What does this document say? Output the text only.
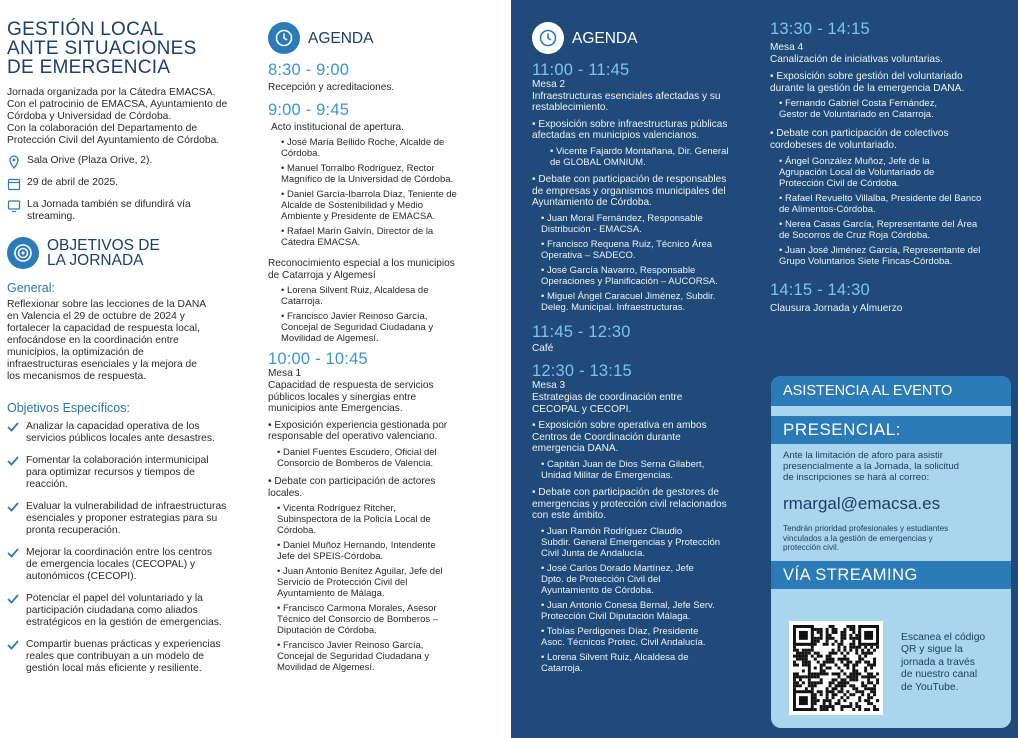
GESTIÓN LOCAL
ANTE SITUACIONES
DE EMERGENCIA
Jornada organizada por la Cátedra EMACSA.
Con el patrocinio de EMACSA, Ayuntamiento de
Córdoba y Universidad de Córdoba.
Con la colaboración del Departamento de
Protección Civil del Ayuntamiento de Córdoba.
Sala Orive (Plaza Orive, 2).
29 de abril de 2025.
La Jornada también se difundirá vía
streaming.
OBJETIVOS DE
LA JORNADA
General:
Reflexionar sobre las lecciones de la DANA
en Valencia el 29 de octubre de 2024 y
fortalecer la capacidad de respuesta local,
enfocándose en la coordinación entre
municipios, la optimización de
infraestructuras esenciales y la mejora de
los mecanismos de respuesta.
Objetivos Específicos:
Analizar la capacidad operativa de los
servicios públicos locales ante desastres.
Fomentar la colaboración intermunicipal
para optimizar recursos y tiempos de
reacción.
Evaluar la vulnerabilidad de infraestructuras
esenciales y proponer estrategias para su
pronta recuperación.
Mejorar la coordinación entre los centros
de emergencia locales (CECOPAL) y
autonómicos (CECOPI).
Potenciar el papel del voluntariado y la
participación ciudadana como aliados
estratégicos en la gestión de emergencias.
Compartir buenas prácticas y experiencias
reales que contribuyan a un modelo de
gestión local más eficiente y resiliente.
AGENDA
8:30 - 9:00
Recepción y acreditaciones.
9:00 - 9:45
Acto institucional de apertura.
• José María Bellido Roche, Alcalde de
Córdoba.
• Manuel Torralbo Rodríguez, Rector
Magnífico de la Universidad de Córdoba.
• Daniel García-Ibarrola Díaz, Teniente de
Alcalde de Sostenibilidad y Medio
Ambiente y Presidente de EMACSA.
• Rafael Marín Galvín, Director de la
Cátedra EMACSA.
Reconocimiento especial a los municipios
de Catarroja y Algemesí
• Lorena Silvent Ruiz, Alcaldesa de
Catarroja.
• Francisco Javier Reinoso García,
Concejal de Seguridad Ciudadana y
Movilidad de Algemesí.
10:00 - 10:45
Mesa 1
Capacidad de respuesta de servicios
públicos locales y sinergias entre
municipios ante Emergencias.
• Exposición experiencia gestionada por
responsable del operativo valenciano.
• Daniel Fuentes Escudero, Oficial del
Consorcio de Bomberos de Valencia.
• Debate con participación de actores
locales.
• Vicenta Rodríguez Ritcher,
Subinspectora de la Policía Local de
Córdoba.
• Daniel Muñoz Hernando, Intendente
Jefe del SPEIS-Córdoba.
• Juan Antonio Benítez Aguilar, Jefe del
Servicio de Protección Civil del
Ayuntamiento de Málaga.
• Francisco Carmona Morales, Asesor
Técnico del Consorcio de Bomberos –
Diputación de Córdoba.
• Francisco Javier Reinoso García,
Concejal de Seguridad Ciudadana y
Movilidad de Algemesí.
AGENDA
11:00 - 11:45
Mesa 2
Infraestructuras esenciales afectadas y su
restablecimiento.
• Exposición sobre infraestructuras públicas
afectadas en municipios valencianos.
• Vicente Fajardo Montañana, Dir. General
de GLOBAL OMNIUM.
• Debate con participación de responsables
de empresas y organismos municipales del
Ayuntamiento de Córdoba.
• Juan Moral Fernández, Responsable
Distribución - EMACSA.
• Francisco Requena Ruiz, Técnico Área
Operativa – SADECO.
• José García Navarro, Responsable
Operaciones y Planificación – AUCORSA.
• Miguel Ángel Caracuel Jiménez, Subdir.
Deleg. Municipal. Infraestructuras.
11:45 - 12:30
Café
12:30 - 13:15
Mesa 3
Estrategias de coordinación entre
CECOPAL y CECOPI.
• Exposición sobre operativa en ambos
Centros de Coordinación durante
emergencia DANA.
• Capitán Juan de Dios Serna Gilabert,
Unidad Militar de Emergencias.
• Debate con participación de gestores de
emergencias y protección civil relacionados
con este ámbito.
• Juan Ramón Rodríguez Claudio
Subdir. General Emergencias y Protección
Civil Junta de Andalucía.
• José Carlos Dorado Martínez, Jefe
Dpto. de Protección Civil del
Ayuntamiento de Córdoba.
• Juan Antonio Conesa Bernal, Jefe Serv.
Protección Civil Diputación Málaga.
• Tobías Perdigones Díaz, Presidente
Asoc. Técnicos Protec. Civil Andalucía.
• Lorena Silvent Ruiz, Alcaldesa de
Catarroja.
13:30 - 14:15
Mesa 4
Canalización de iniciativas voluntarias.
• Exposición sobre gestión del voluntariado
durante la gestión de la emergencia DANA.
• Fernando Gabriel Costa Fernández,
Gestor de Voluntariado en Catarroja.
• Debate con participación de colectivos
cordobeses de voluntariado.
• Ángel González Muñoz, Jefe de la
Agrupación Local de Voluntariado de
Protección Civil de Córdoba.
• Rafael Revuelto Villalba, Presidente del Banco
de Alimentos-Córdoba.
• Nerea Casas García, Representante del Área
de Socorros de Cruz Roja Córdoba.
• Juan José Jiménez García, Representante del
Grupo Voluntarios Siete Fincas-Córdoba.
14:15 - 14:30
Clausura Jornada y Almuerzo
ASISTENCIA AL EVENTO
PRESENCIAL:
Ante la limitación de aforo para asistir
presencialmente a la Jornada, la solicitud
de inscripciones se hará al correo:
rmargal@emacsa.es
Tendrán prioridad profesionales y estudiantes
vinculados a la gestión de emergencias y
protección civil.
VÍA STREAMING
Escanea el código
QR y sigue la
jornada a través
de nuestro canal
de YouTube.
